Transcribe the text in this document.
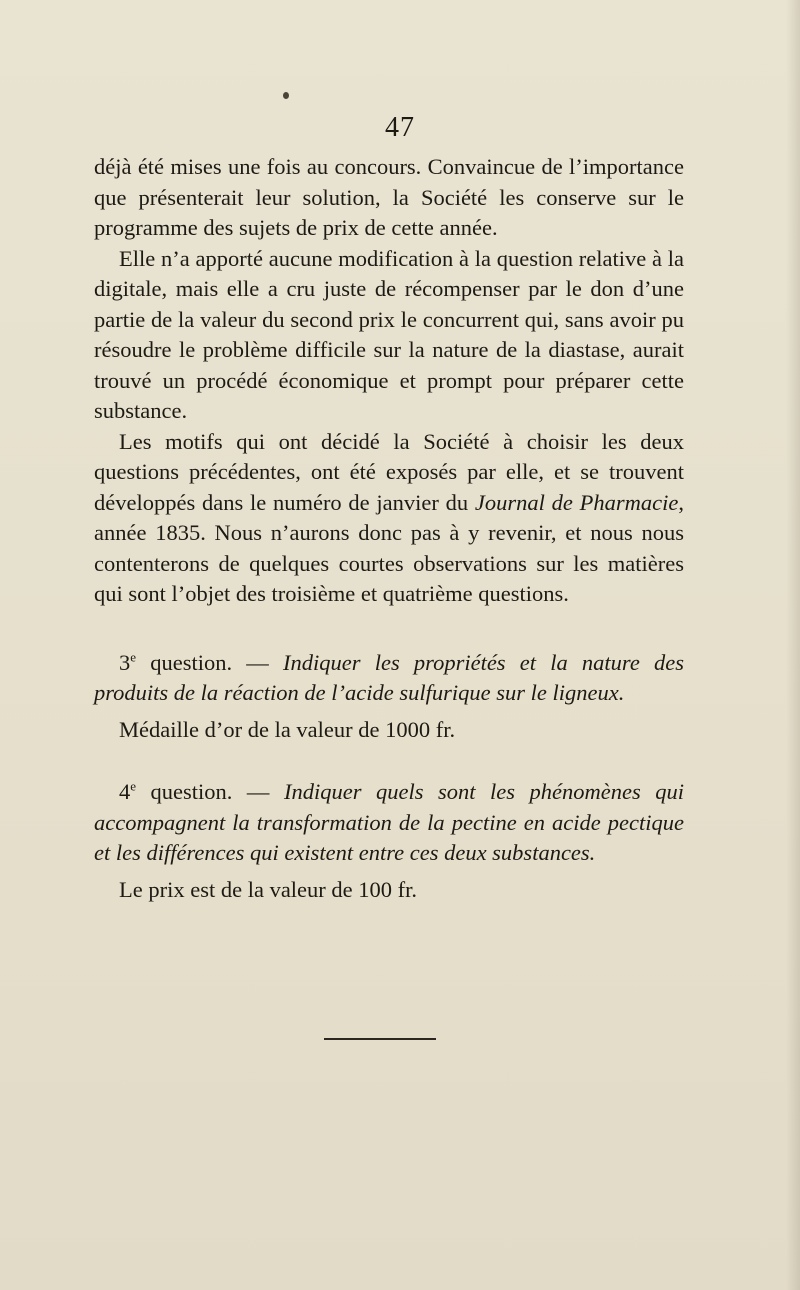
47

déjà été mises une fois au concours. Convaincue de l’importance que présenterait leur solution, la Société les conserve sur le programme des sujets de prix de cette année.

Elle n’a apporté aucune modification à la question relative à la digitale, mais elle a cru juste de récompenser par le don d’une partie de la valeur du second prix le concurrent qui, sans avoir pu résoudre le problème difficile sur la nature de la diastase, aurait trouvé un procédé économique et prompt pour préparer cette substance.

Les motifs qui ont décidé la Société à choisir les deux questions précédentes, ont été exposés par elle, et se trouvent développés dans le numéro de janvier du Journal de Pharmacie, année 1835. Nous n’aurons donc pas à y revenir, et nous nous contenterons de quelques courtes observations sur les matières qui sont l’objet des troisième et quatrième questions.

3e question. — Indiquer les propriétés et la nature des produits de la réaction de l’acide sulfurique sur le ligneux.

Médaille d’or de la valeur de 1000 fr.

4e question. — Indiquer quels sont les phénomènes qui accompagnent la transformation de la pectine en acide pectique et les différences qui existent entre ces deux substances.

Le prix est de la valeur de 100 fr.
